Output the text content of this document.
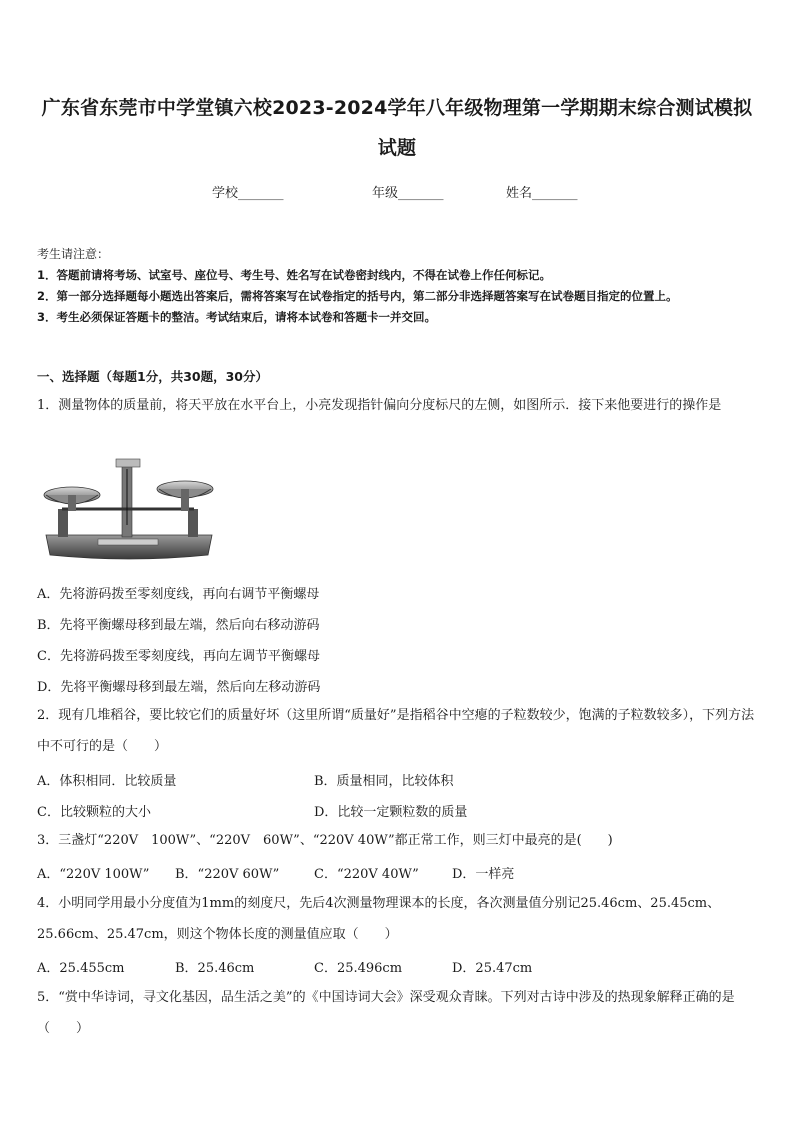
广东省东莞市中学堂镇六校2023-2024学年八年级物理第一学期期末综合测试模拟试题
学校_______	年级_______	姓名_______

考生请注意：

1．答题前请将考场、试室号、座位号、考生号、姓名写在试卷密封线内，不得在试卷上作任何标记。

2．第一部分选择题每小题选出答案后，需将答案写在试卷指定的括号内，第二部分非选择题答案写在试卷题目指定的位置上。

3．考生必须保证答题卡的整洁。考试结束后，请将本试卷和答题卡一并交回。

一、选择题（每题1分，共30题，30分）

1．测量物体的质量前，将天平放在水平台上，小亮发现指针偏向分度标尺的左侧，如图所示．接下来他要进行的操作是

A．先将游码拨至零刻度线，再向右调节平衡螺母
B．先将平衡螺母移到最左端，然后向右移动游码
C．先将游码拨至零刻度线，再向左调节平衡螺母
D．先将平衡螺母移到最左端，然后向左移动游码

2．现有几堆稻谷，要比较它们的质量好坏（这里所谓“质量好”是指稻谷中空瘪的子粒数较少，饱满的子粒数较多），下列方法中不可行的是（　　）

A．体积相同．比较质量	B．质量相同，比较体积
C．比较颗粒的大小	D．比较一定颗粒数的质量

3．三盏灯“220V　100W”、“220V　60W”、“220V 40W”都正常工作，则三灯中最亮的是(　　)

A．“220V 100W” B．“220V 60W”	C．“220V 40W”	D．一样亮

4．小明同学用最小分度值为1mm的刻度尺，先后4次测量物理课本的长度，各次测量值分别记25.46cm、25.45cm、25.66cm、25.47cm，则这个物体长度的测量值应取（　　）

A．25.455cm	B．25.46cm	C．25.496cm	D．25.47cm

5．“赏中华诗词，寻文化基因，品生活之美”的《中国诗词大会》深受观众青睐。下列对古诗中涉及的热现象解释正确的是（　　）
